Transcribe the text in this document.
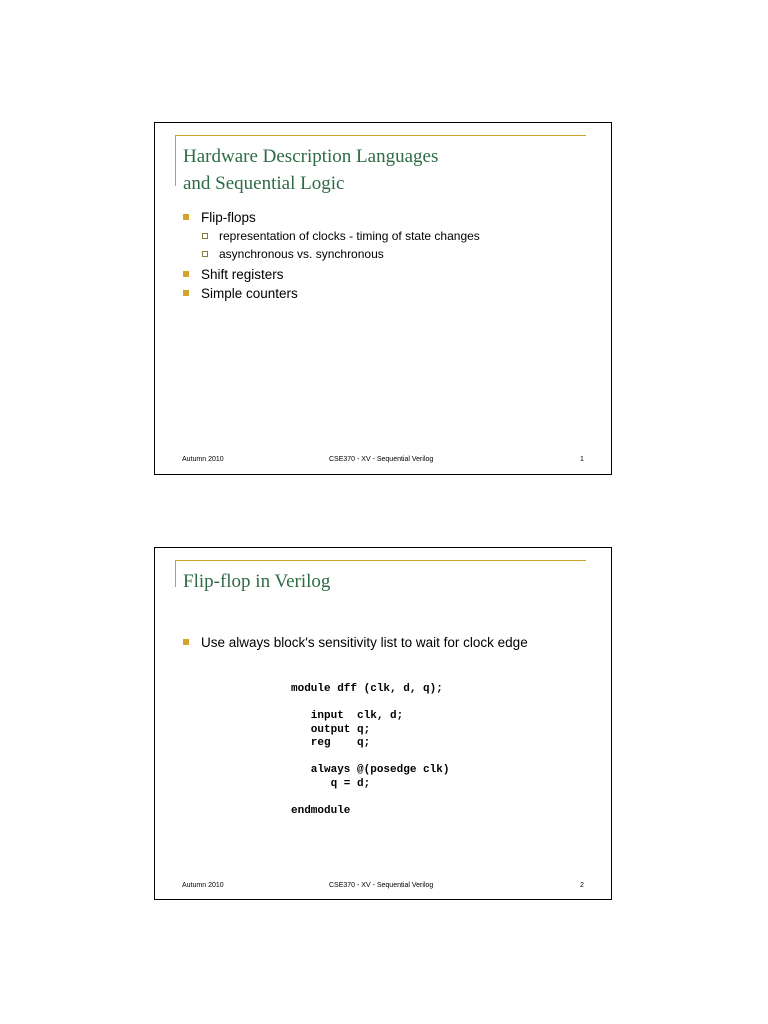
Hardware Description Languages
and Sequential Logic
Flip-flops
representation of clocks - timing of state changes
asynchronous vs. synchronous
Shift registers
Simple counters
Autumn 2010	CSE370 - XV - Sequential Verilog	1
Flip-flop in Verilog
Use always block's sensitivity list to wait for clock edge
module dff (clk, d, q);

input  clk, d;
output q;
reg    q;

always @(posedge clk)
q = d;

endmodule
Autumn 2010	CSE370 - XV - Sequential Verilog	2
